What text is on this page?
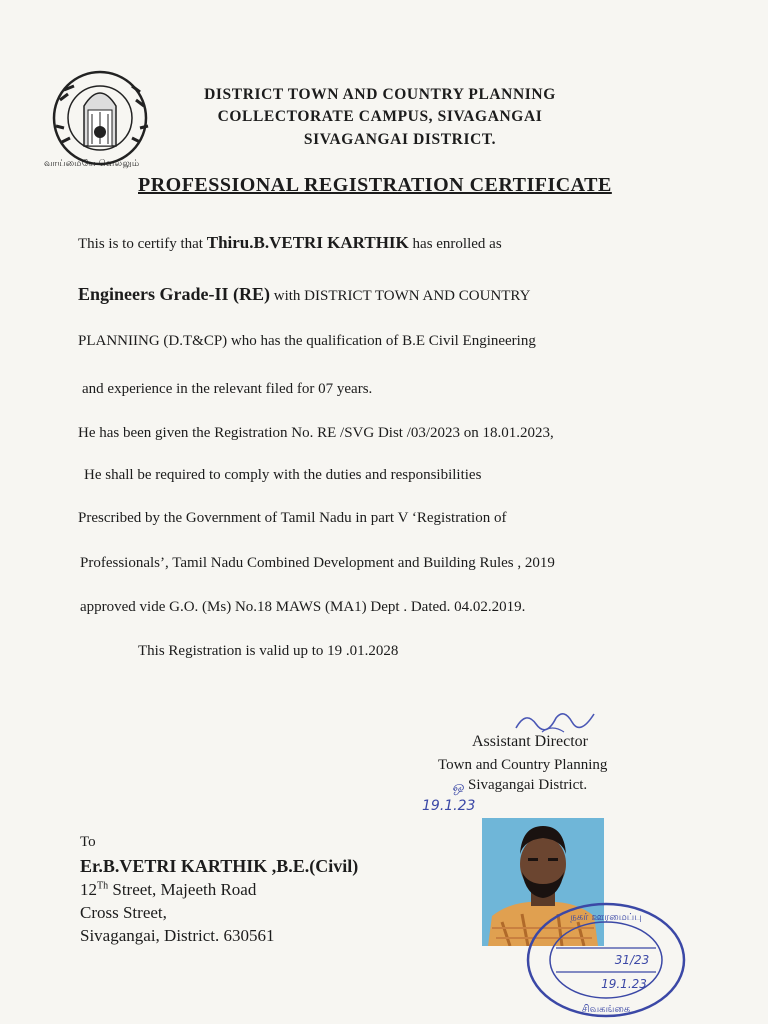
வாய்மையே வெல்லும்
DISTRICT TOWN AND COUNTRY PLANNING
COLLECTORATE CAMPUS, SIVAGANGAI
SIVAGANGAI DISTRICT.
PROFESSIONAL REGISTRATION CERTIFICATE
This is to certify that Thiru.B.VETRI KARTHIK has enrolled as
Engineers Grade-II (RE) with DISTRICT TOWN AND COUNTRY
PLANNIING (D.T&CP) who has the qualification of B.E Civil Engineering
and experience in the relevant filed for 07 years.
He has been given the Registration No. RE /SVG Dist /03/2023 on 18.01.2023,
He shall be required to comply with the duties and responsibilities
Prescribed by the Government of Tamil Nadu in part V ‘Registration of
Professionals’, Tamil Nadu Combined Development and Building Rules , 2019
approved vide G.O. (Ms) No.18 MAWS (MA1) Dept . Dated. 04.02.2019.
This Registration is valid up to 19 .01.2028
Assistant Director
Town and Country Planning
Sivagangai District.
ஒ
19.1.23
To
Er.B.VETRI KARTHIK ,B.E.(Civil)
12Th Street, Majeeth Road
Cross Street,
Sivagangai, District. 630561
நகர் ஊரமைப்பு
சிவகங்கை
31/23
19.1.23
